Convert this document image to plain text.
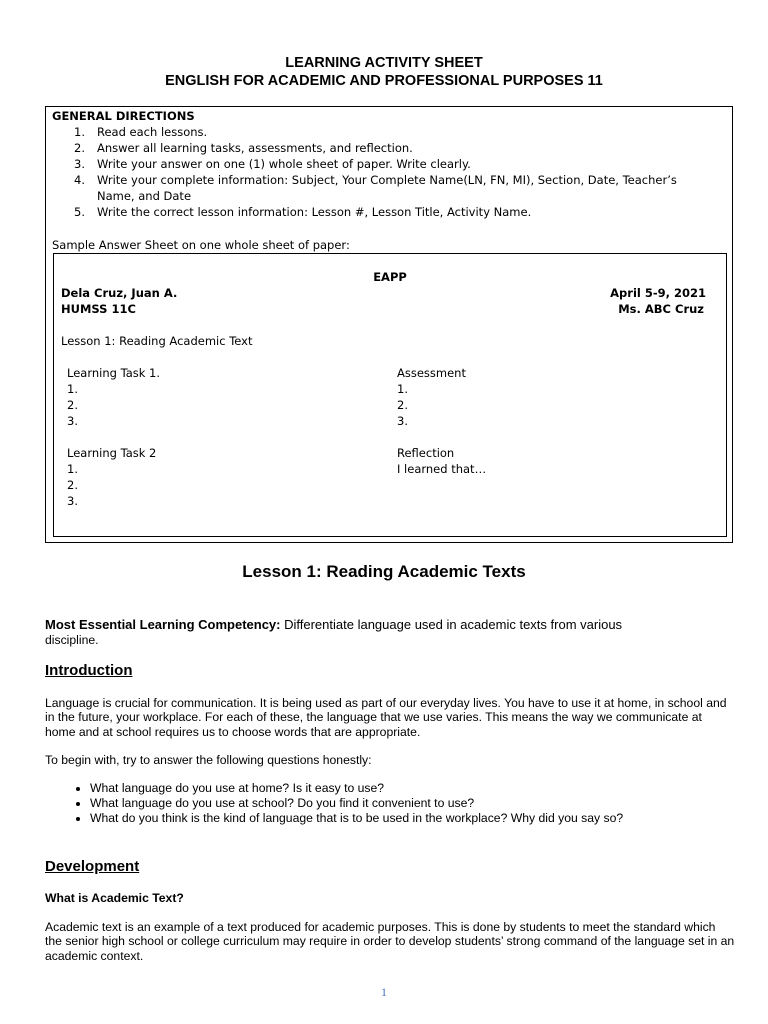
LEARNING ACTIVITY SHEET
ENGLISH FOR ACADEMIC AND PROFESSIONAL PURPOSES 11
GENERAL DIRECTIONS
1. Read each lessons.
2. Answer all learning tasks, assessments, and reflection.
3. Write your answer on one (1) whole sheet of paper. Write clearly.
4. Write your complete information: Subject, Your Complete Name(LN, FN, MI), Section, Date, Teacher’s
Name, and Date
5. Write the correct lesson information: Lesson #, Lesson Title, Activity Name.
Sample Answer Sheet on one whole sheet of paper:
EAPP
Dela Cruz, Juan A.	April 5-9, 2021
HUMSS 11C	Ms. ABC Cruz
Lesson 1: Reading Academic Text
Learning Task 1.
1.
2.
3.
Assessment
1.
2.
3.
Learning Task 2
1.
2.
3.
Reflection
I learned that…
Lesson 1: Reading Academic Texts
Most Essential Learning Competency: Differentiate language used in academic texts from various
discipline.
Introduction
Language is crucial for communication. It is being used as part of our everyday lives. You have to use it at home, in school and in the future, your workplace. For each of these, the language that we use varies. This means the way we communicate at home and at school requires us to choose words that are appropriate.
To begin with, try to answer the following questions honestly:
• What language do you use at home? Is it easy to use?
• What language do you use at school? Do you find it convenient to use?
• What do you think is the kind of language that is to be used in the workplace? Why did you say so?
Development
What is Academic Text?
Academic text is an example of a text produced for academic purposes. This is done by students to meet the standard which the senior high school or college curriculum may require in order to develop students’ strong command of the language set in an academic context.
1
